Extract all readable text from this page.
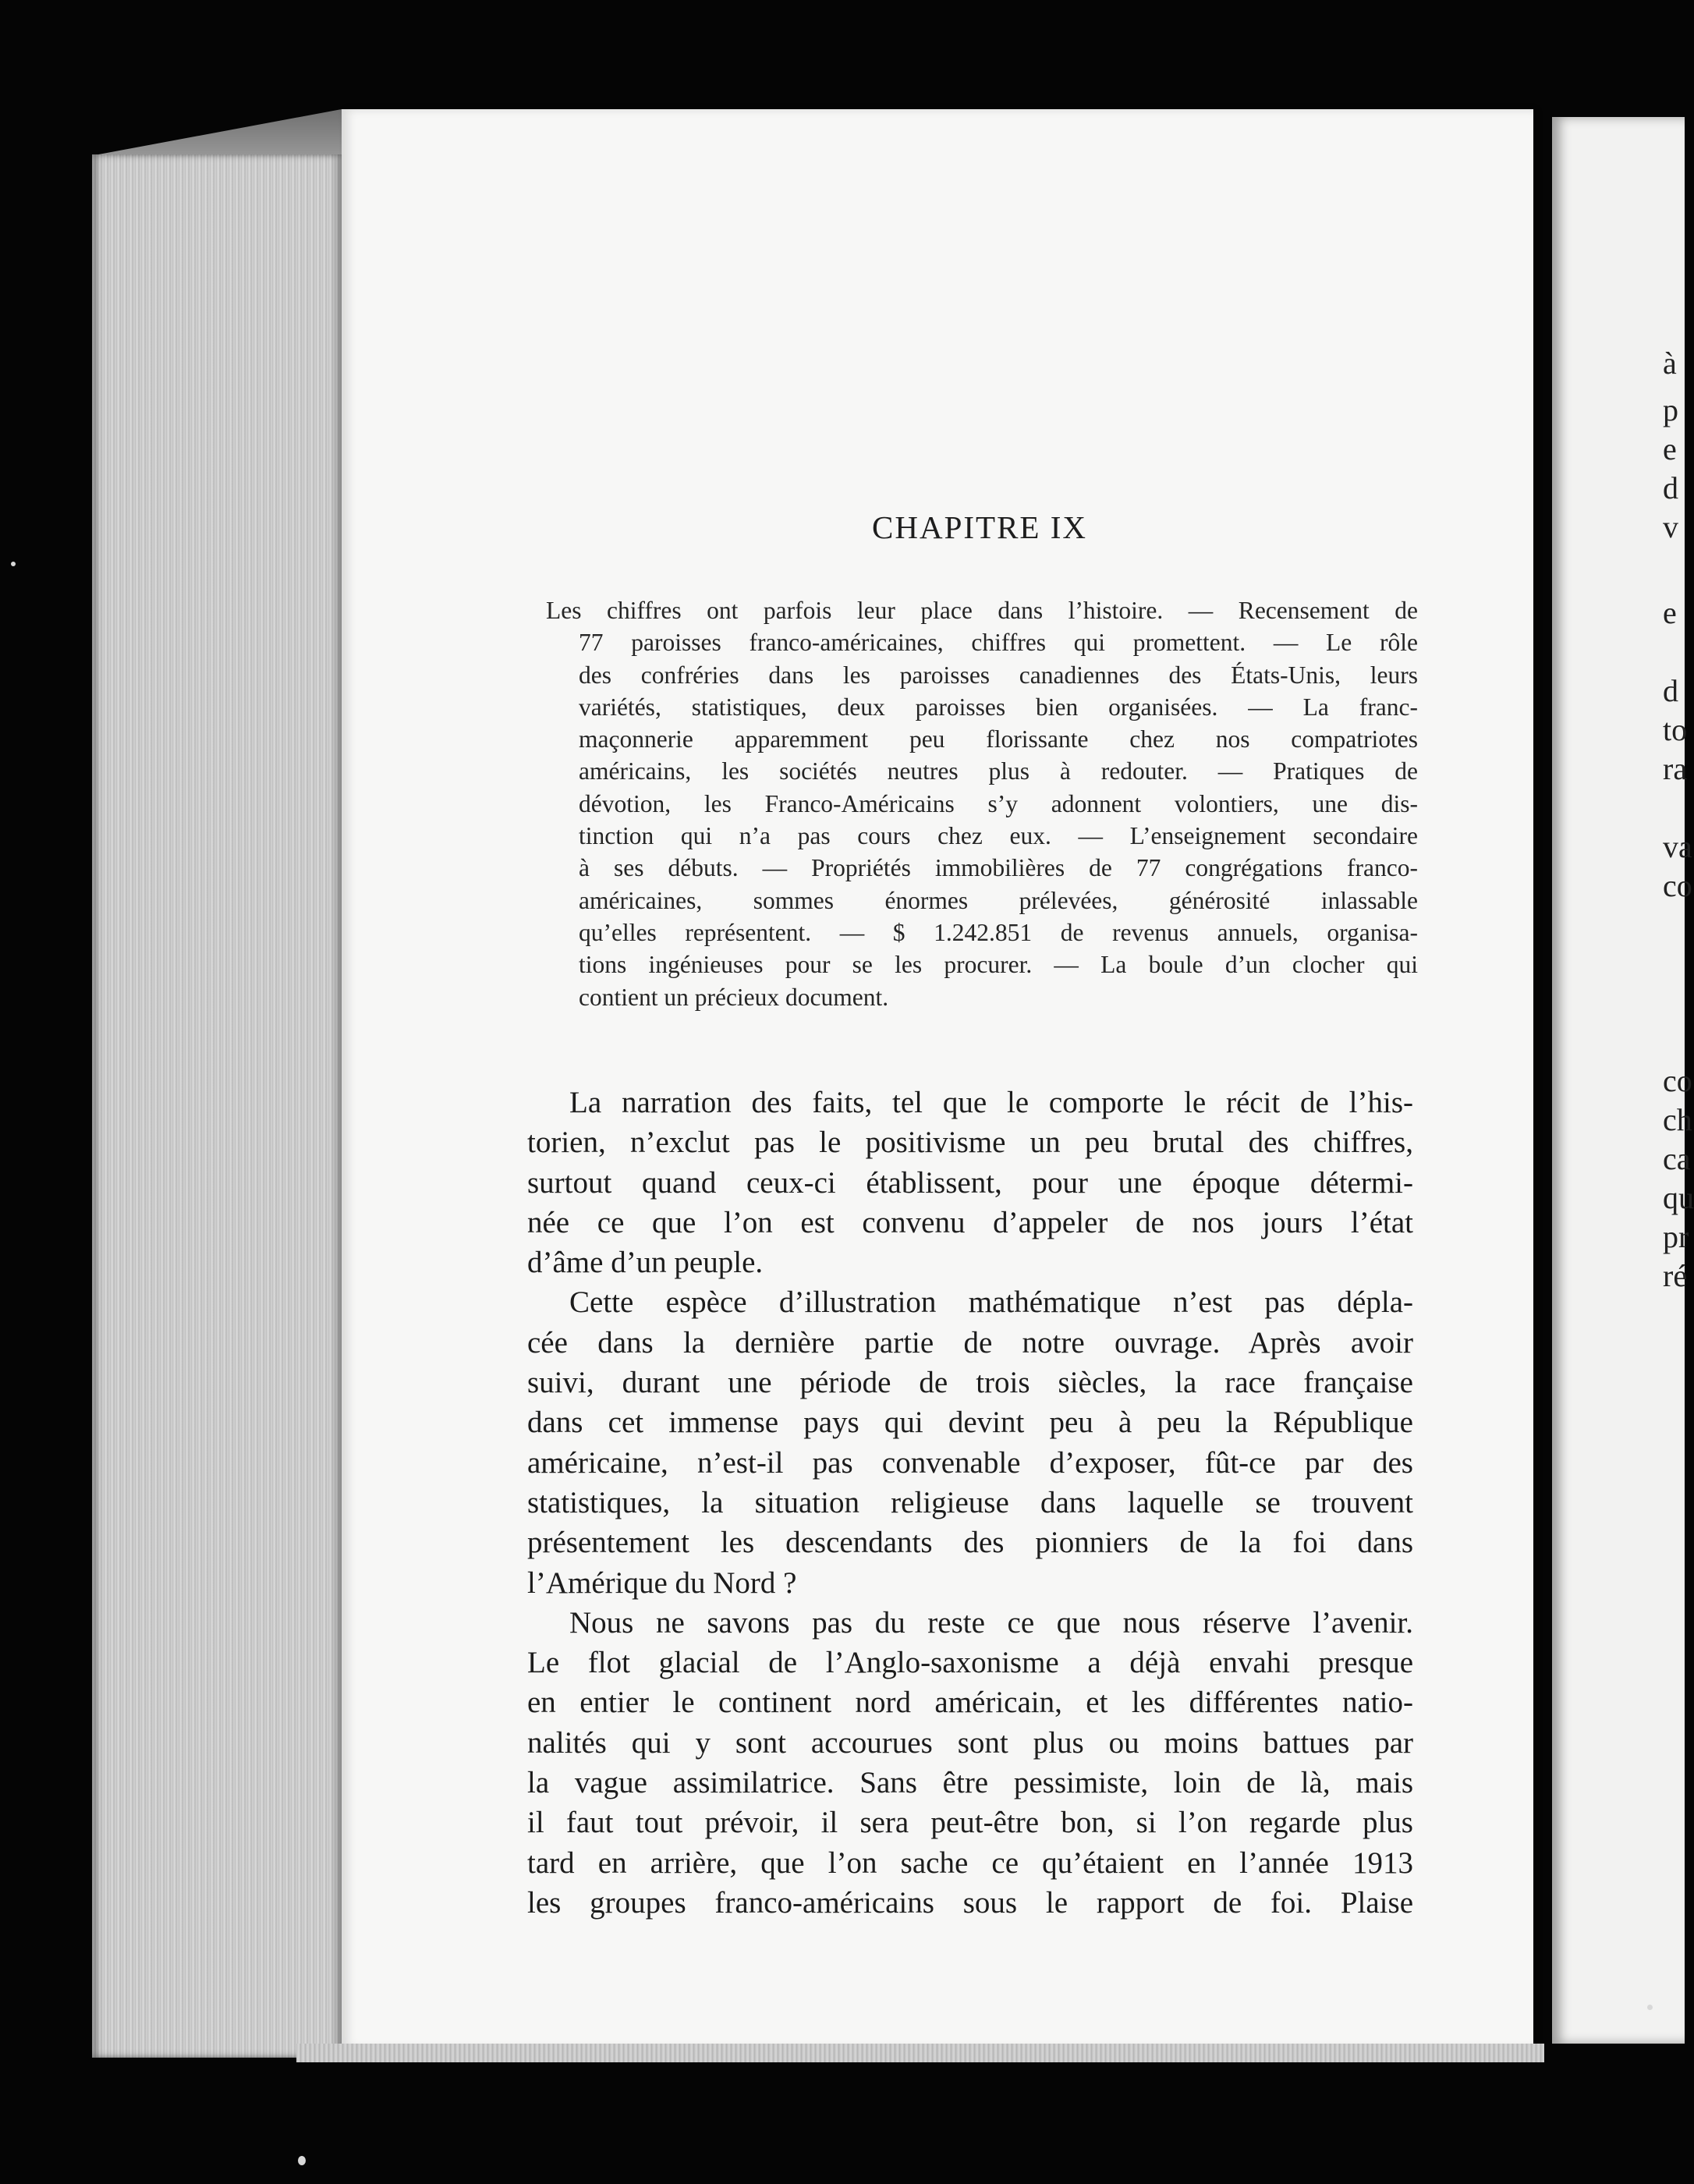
à
p
e
d
v
e
d
to
ra
va
co
co
ch
ca
qu
pr
ré
CHAPITRE IX
Les chiffres ont parfois leur place dans l’histoire. — Recensement de
77 paroisses franco-américaines, chiffres qui promettent. — Le rôle
des confréries dans les paroisses canadiennes des États-Unis, leurs
variétés, statistiques, deux paroisses bien organisées. — La franc-
maçonnerie apparemment peu florissante chez nos compatriotes
américains, les sociétés neutres plus à redouter. — Pratiques de
dévotion, les Franco-Américains s’y adonnent volontiers, une dis-
tinction qui n’a pas cours chez eux. — L’enseignement secondaire
à ses débuts. — Propriétés immobilières de 77 congrégations franco-
américaines, sommes énormes prélevées, générosité inlassable
qu’elles représentent. — $ 1.242.851 de revenus annuels, organisa-
tions ingénieuses pour se les procurer. — La boule d’un clocher qui
contient un précieux document.
La narration des faits, tel que le comporte le récit de l’his-
torien, n’exclut pas le positivisme un peu brutal des chiffres,
surtout quand ceux-ci établissent, pour une époque détermi-
née ce que l’on est convenu d’appeler de nos jours l’état
d’âme d’un peuple.
Cette espèce d’illustration mathématique n’est pas dépla-
cée dans la dernière partie de notre ouvrage. Après avoir
suivi, durant une période de trois siècles, la race française
dans cet immense pays qui devint peu à peu la République
américaine, n’est-il pas convenable d’exposer, fût-ce par des
statistiques, la situation religieuse dans laquelle se trouvent
présentement les descendants des pionniers de la foi dans
l’Amérique du Nord ?
Nous ne savons pas du reste ce que nous réserve l’avenir.
Le flot glacial de l’Anglo-saxonisme a déjà envahi presque
en entier le continent nord américain, et les différentes natio-
nalités qui y sont accourues sont plus ou moins battues par
la vague assimilatrice. Sans être pessimiste, loin de là, mais
il faut tout prévoir, il sera peut-être bon, si l’on regarde plus
tard en arrière, que l’on sache ce qu’étaient en l’année 1913
les groupes franco-américains sous le rapport de foi. Plaise
